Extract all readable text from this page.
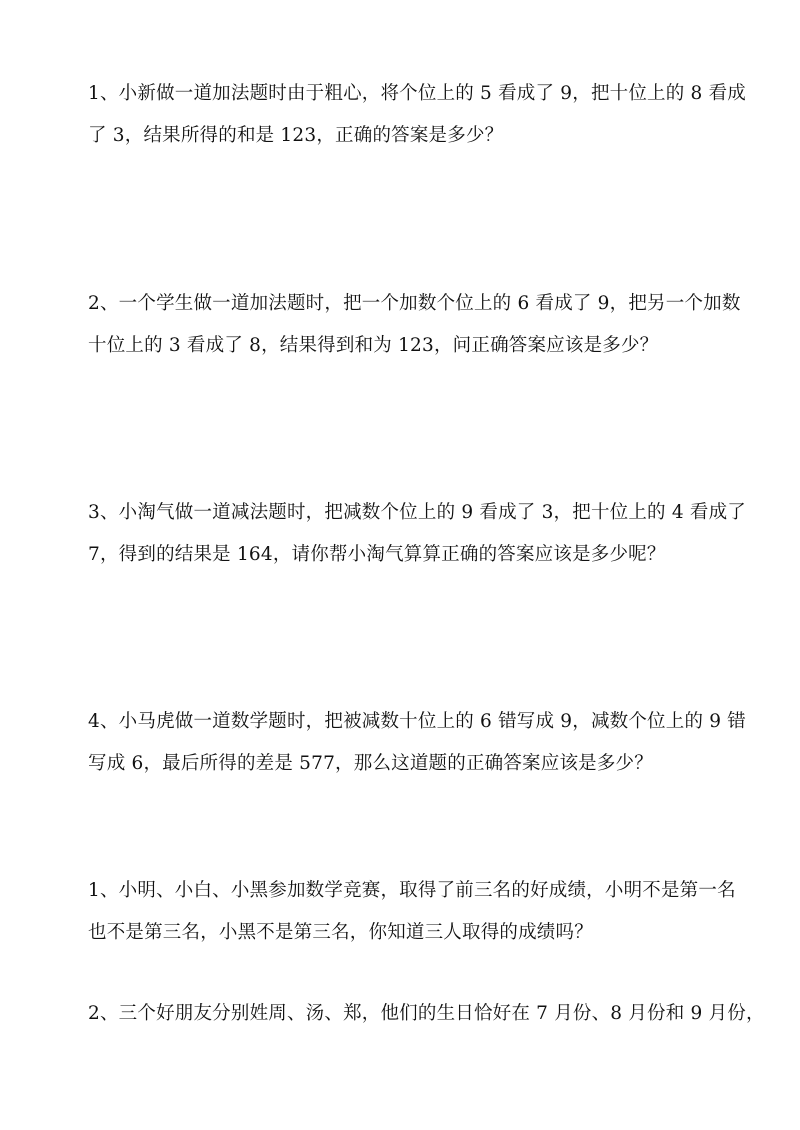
1、小新做一道加法题时由于粗心，将个位上的 5 看成了 9，把十位上的 8 看成
了 3，结果所得的和是 123，正确的答案是多少？
2、一个学生做一道加法题时，把一个加数个位上的 6 看成了 9，把另一个加数
十位上的 3 看成了 8，结果得到和为 123，问正确答案应该是多少？
3、小淘气做一道减法题时，把减数个位上的 9 看成了 3，把十位上的 4 看成了
7，得到的结果是 164，请你帮小淘气算算正确的答案应该是多少呢？
4、小马虎做一道数学题时，把被减数十位上的 6 错写成 9，减数个位上的 9 错
写成 6，最后所得的差是 577，那么这道题的正确答案应该是多少？
1、小明、小白、小黑参加数学竞赛，取得了前三名的好成绩，小明不是第一名
也不是第三名，小黑不是第三名，你知道三人取得的成绩吗？
2、三个好朋友分别姓周、汤、郑，他们的生日恰好在 7 月份、8 月份和 9 月份，
